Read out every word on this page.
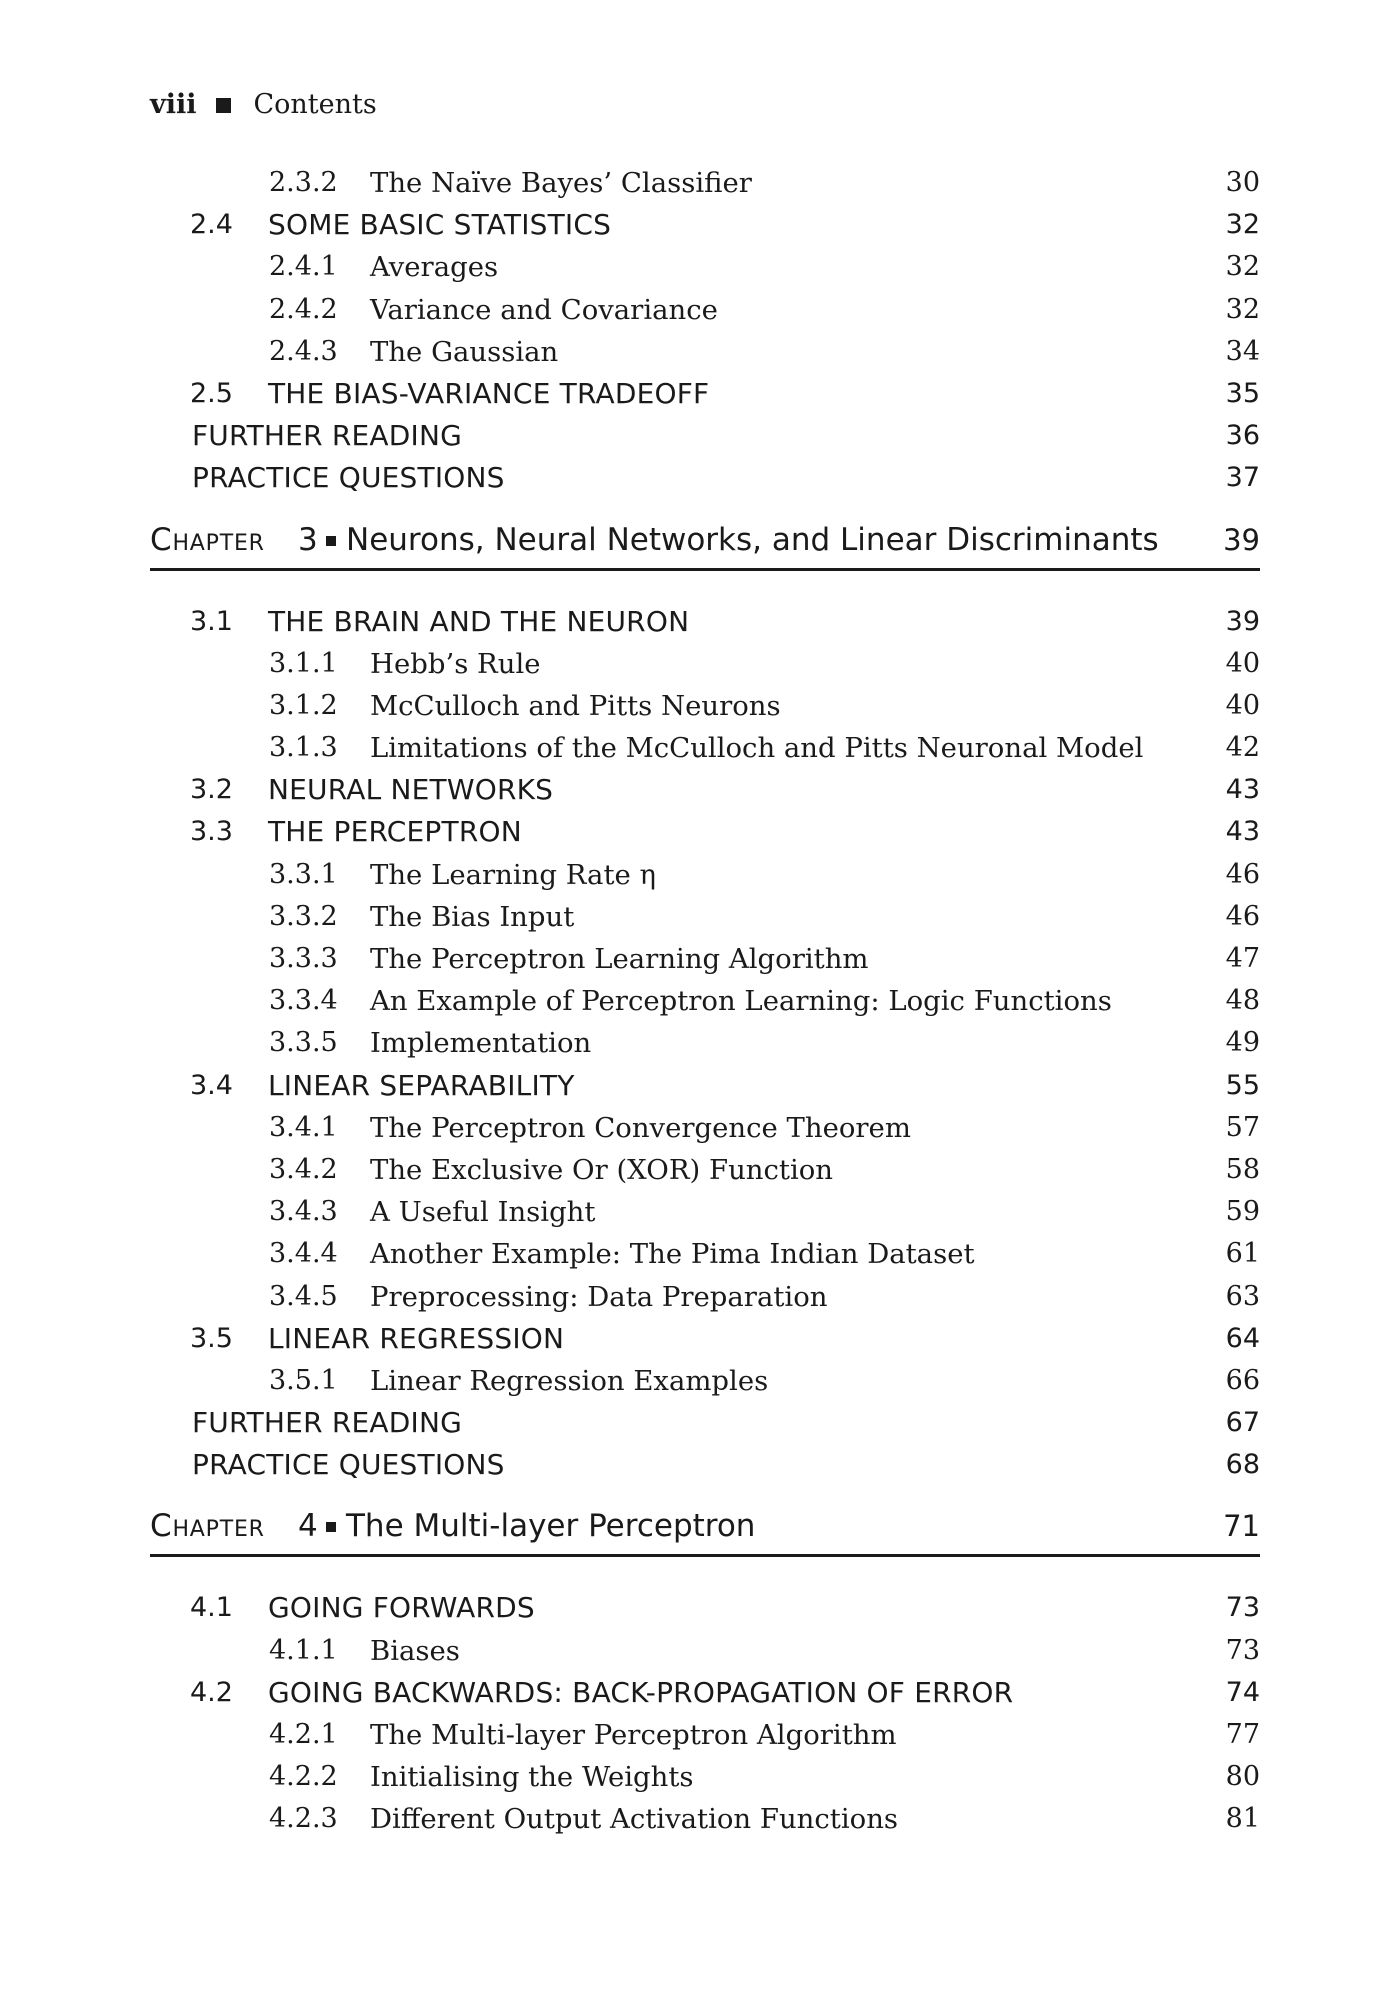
viii Contents
2.3.2 The Naïve Bayes’ Classifier	30
2.4 SOME BASIC STATISTICS	32
2.4.1 Averages	32
2.4.2 Variance and Covariance	32
2.4.3 The Gaussian	34
2.5 THE BIAS-VARIANCE TRADEOFF	35
FURTHER READING	36
PRACTICE QUESTIONS	37
Chapter 3 Neurons, Neural Networks, and Linear Discriminants 39
3.1 THE BRAIN AND THE NEURON	39
3.1.1 Hebb’s Rule	40
3.1.2 McCulloch and Pitts Neurons	40
3.1.3 Limitations of the McCulloch and Pitts Neuronal Model	42
3.2 NEURAL NETWORKS	43
3.3 THE PERCEPTRON	43
3.3.1 The Learning Rate η	46
3.3.2 The Bias Input	46
3.3.3 The Perceptron Learning Algorithm	47
3.3.4 An Example of Perceptron Learning: Logic Functions	48
3.3.5 Implementation	49
3.4 LINEAR SEPARABILITY	55
3.4.1 The Perceptron Convergence Theorem	57
3.4.2 The Exclusive Or (XOR) Function	58
3.4.3 A Useful Insight	59
3.4.4 Another Example: The Pima Indian Dataset	61
3.4.5 Preprocessing: Data Preparation	63
3.5 LINEAR REGRESSION	64
3.5.1 Linear Regression Examples	66
FURTHER READING	67
PRACTICE QUESTIONS	68
Chapter 4 The Multi-layer Perceptron	71
4.1 GOING FORWARDS	73
4.1.1 Biases	73
4.2 GOING BACKWARDS: BACK-PROPAGATION OF ERROR	74
4.2.1 The Multi-layer Perceptron Algorithm	77
4.2.2 Initialising the Weights	80
4.2.3 Different Output Activation Functions	81
